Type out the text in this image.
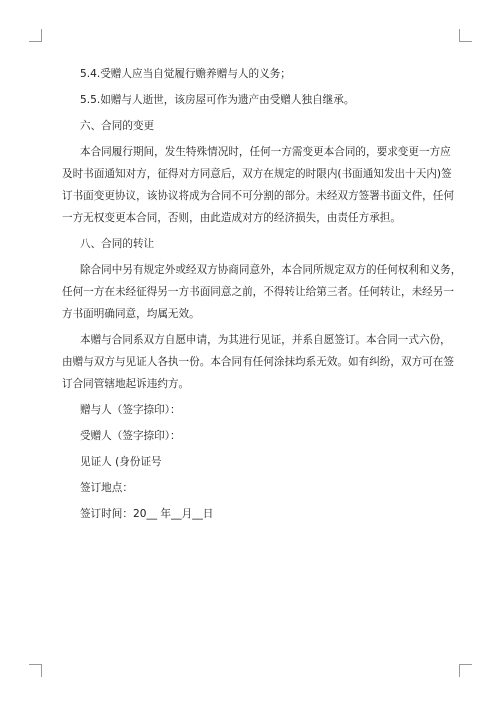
5.4.受赠人应当自觉履行赡养赠与人的义务；
5.5.如赠与人逝世，该房屋可作为遗产由受赠人独自继承。
六、合同的变更
本合同履行期间，发生特殊情况时，任何一方需变更本合同的，要求变更一方应
及时书面通知对方，征得对方同意后，双方在规定的时限内(书面通知发出十天内)签
订书面变更协议，该协议将成为合同不可分割的部分。未经双方签署书面文件，任何
一方无权变更本合同，否则，由此造成对方的经济损失，由责任方承担。
八、合同的转让
除合同中另有规定外或经双方协商同意外，本合同所规定双方的任何权利和义务，
任何一方在未经征得另一方书面同意之前，不得转让给第三者。任何转让，未经另一
方书面明确同意，均属无效。
本赠与合同系双方自愿申请，为其进行见证，并系自愿签订。本合同一式六份，
由赠与双方与见证人各执一份。本合同有任何涂抹均系无效。如有纠纷，双方可在签
订合同管辖地起诉违约方。
赠与人（签字捺印）：
受赠人（签字捺印）：
见证人 (身份证号
签订地点：
签订时间：20__ 年__月__日
